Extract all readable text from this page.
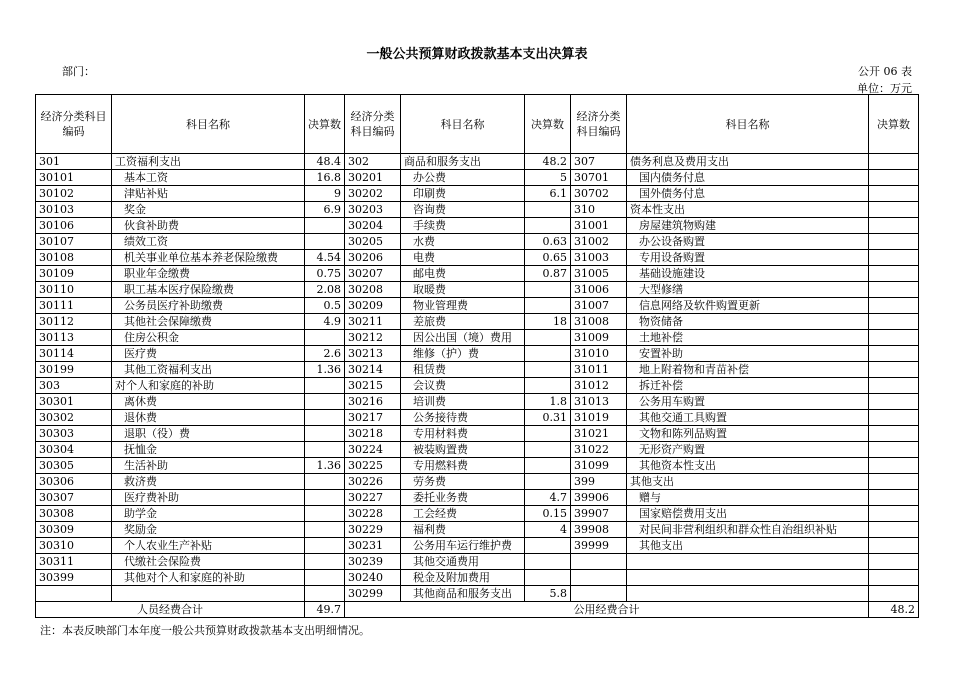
一般公共预算财政拨款基本支出决算表
部门：	公开 06 表
单位：万元
经济分类科目编码	科目名称	决算数	经济分类科目编码	科目名称	决算数	经济分类科目编码	科目名称	决算数
301	工资福利支出	48.4	302	商品和服务支出	48.2	307	债务利息及费用支出	
30101	基本工资	16.8	30201	办公费	5	30701	国内债务付息	
30102	津贴补贴	9	30202	印刷费	6.1	30702	国外债务付息	
30103	奖金	6.9	30203	咨询费		310	资本性支出	
30106	伙食补助费		30204	手续费		31001	房屋建筑物购建	
30107	绩效工资		30205	水费	0.63	31002	办公设备购置	
30108	机关事业单位基本养老保险缴费	4.54	30206	电费	0.65	31003	专用设备购置	
30109	职业年金缴费	0.75	30207	邮电费	0.87	31005	基础设施建设	
30110	职工基本医疗保险缴费	2.08	30208	取暖费		31006	大型修缮	
30111	公务员医疗补助缴费	0.5	30209	物业管理费		31007	信息网络及软件购置更新	
30112	其他社会保障缴费	4.9	30211	差旅费	18	31008	物资储备	
30113	住房公积金		30212	因公出国（境）费用		31009	土地补偿	
30114	医疗费	2.6	30213	维修（护）费		31010	安置补助	
30199	其他工资福利支出	1.36	30214	租赁费		31011	地上附着物和青苗补偿	
303	对个人和家庭的补助		30215	会议费		31012	拆迁补偿	
30301	离休费		30216	培训费	1.8	31013	公务用车购置	
30302	退休费		30217	公务接待费	0.31	31019	其他交通工具购置	
30303	退职（役）费		30218	专用材料费		31021	文物和陈列品购置	
30304	抚恤金		30224	被装购置费		31022	无形资产购置	
30305	生活补助	1.36	30225	专用燃料费		31099	其他资本性支出	
30306	救济费		30226	劳务费		399	其他支出	
30307	医疗费补助		30227	委托业务费	4.7	39906	赠与	
30308	助学金		30228	工会经费	0.15	39907	国家赔偿费用支出	
30309	奖励金		30229	福利费	4	39908	对民间非营利组织和群众性自治组织补贴	
30310	个人农业生产补贴		30231	公务用车运行维护费		39999	其他支出	
30311	代缴社会保险费		30239	其他交通费用				
30399	其他对个人和家庭的补助		30240	税金及附加费用				
			30299	其他商品和服务支出	5.8			
人员经费合计		49.7	公用经费合计					48.2
注：本表反映部门本年度一般公共预算财政拨款基本支出明细情况。
